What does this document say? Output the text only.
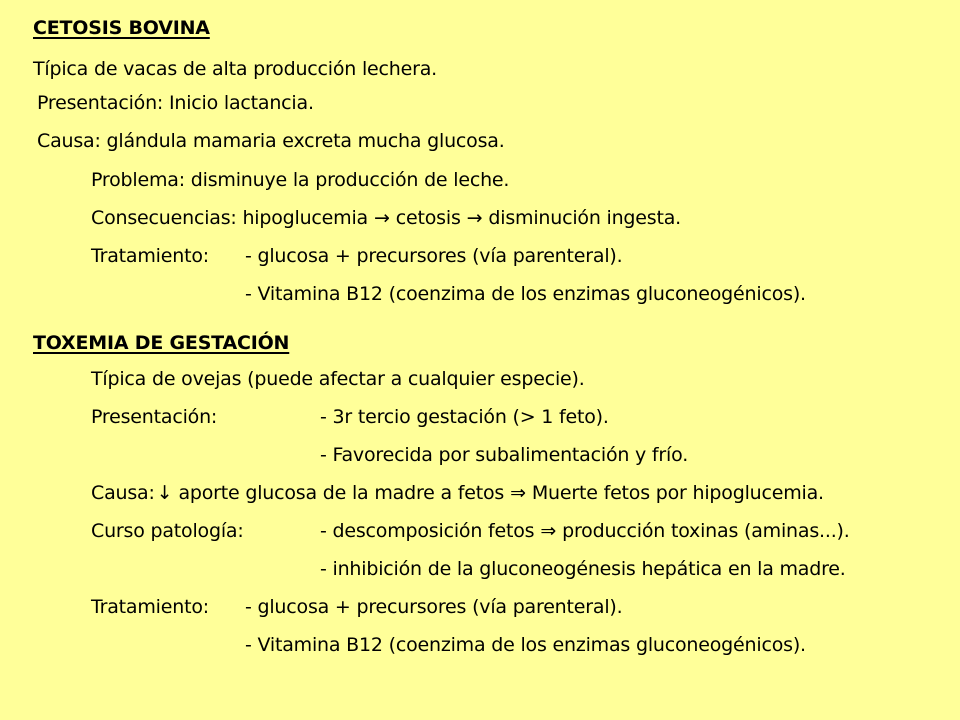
CETOSIS BOVINA
Típica de vacas de alta producción lechera.
Presentación: Inicio lactancia.
Causa: glándula mamaria excreta mucha glucosa.
Problema: disminuye la producción de leche.
Consecuencias: hipoglucemia → cetosis → disminución ingesta.
Tratamiento: - glucosa + precursores (vía parenteral).
- Vitamina B12 (coenzima de los enzimas gluconeogénicos).
TOXEMIA DE GESTACIÓN
Típica de ovejas (puede afectar a cualquier especie).
Presentación:	- 3r tercio gestación (> 1 feto).
- Favorecida por subalimentación y frío.
Causa: ↓ aporte glucosa de la madre a fetos ⇒ Muerte fetos por hipoglucemia.
Curso patología:	- descomposición fetos ⇒ producción toxinas (aminas...).
- inhibición de la gluconeogénesis hepática en la madre.
Tratamiento: - glucosa + precursores (vía parenteral).
- Vitamina B12 (coenzima de los enzimas gluconeogénicos).
